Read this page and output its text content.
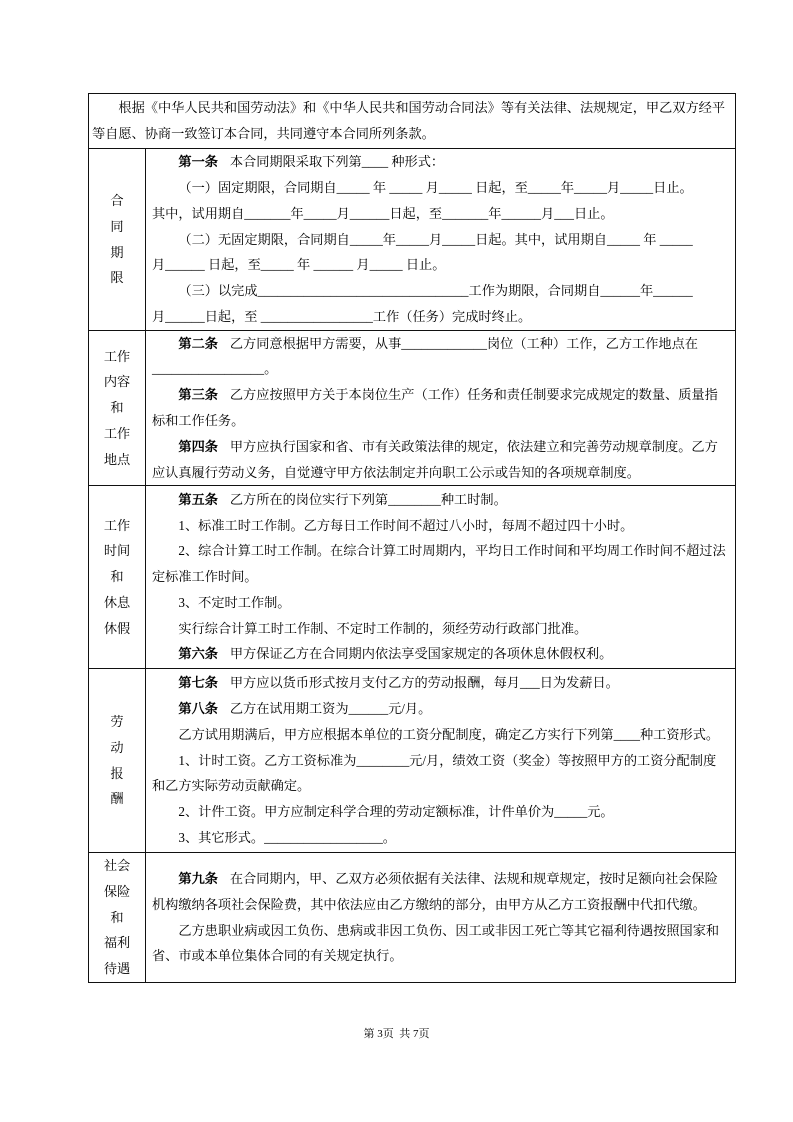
根据《中华人民共和国劳动法》和《中华人民共和国劳动合同法》等有关法律、法规规定，甲乙双方经平
等自愿、协商一致签订本合同，共同遵守本合同所列条款。
合
同
期
限
第一条 本合同期限采取下列第____ 种形式：
（一）固定期限，合同期自_____ 年 _____ 月_____ 日起，至_____年_____月_____日止。
其中，试用期自_______年_____月______日起，至_______年______月___日止。
（二）无固定期限，合同期自_____年_____月_____日起。其中，试用期自_____ 年 _____
月______ 日起，至_____ 年 ______ 月_____ 日止。
（三）以完成________________________________工作为期限，合同期自______年______
月______日起，至 _________________工作（任务）完成时终止。
工作
内容
和
工作
地点
第二条 乙方同意根据甲方需要，从事_____________岗位（工种）工作，乙方工作地点在
_________________。
第三条 乙方应按照甲方关于本岗位生产（工作）任务和责任制要求完成规定的数量、质量指
标和工作任务。
第四条 甲方应执行国家和省、市有关政策法律的规定，依法建立和完善劳动规章制度。乙方
应认真履行劳动义务，自觉遵守甲方依法制定并向职工公示或告知的各项规章制度。
工作
时间
和
休息
休假
第五条 乙方所在的岗位实行下列第________种工时制。
1、标准工时工作制。乙方每日工作时间不超过八小时，每周不超过四十小时。
2、综合计算工时工作制。在综合计算工时周期内，平均日工作时间和平均周工作时间不超过法
定标准工作时间。
3、不定时工作制。
实行综合计算工时工作制、不定时工作制的，须经劳动行政部门批准。
第六条 甲方保证乙方在合同期内依法享受国家规定的各项休息休假权利。
劳
动
报
酬
第七条 甲方应以货币形式按月支付乙方的劳动报酬，每月___日为发薪日。
第八条 乙方在试用期工资为______元/月。
乙方试用期满后，甲方应根据本单位的工资分配制度，确定乙方实行下列第____种工资形式。
1、计时工资。乙方工资标准为________元/月，绩效工资（奖金）等按照甲方的工资分配制度
和乙方实际劳动贡献确定。
2、计件工资。甲方应制定科学合理的劳动定额标准，计件单价为_____元。
3、其它形式。__________________。
社会
保险
和
福利
待遇
第九条 在合同期内，甲、乙双方必须依据有关法律、法规和规章规定，按时足额向社会保险
机构缴纳各项社会保险费，其中依法应由乙方缴纳的部分，由甲方从乙方工资报酬中代扣代缴。
乙方患职业病或因工负伤、患病或非因工负伤、因工或非因工死亡等其它福利待遇按照国家和
省、市或本单位集体合同的有关规定执行。
第 3页  共 7页
